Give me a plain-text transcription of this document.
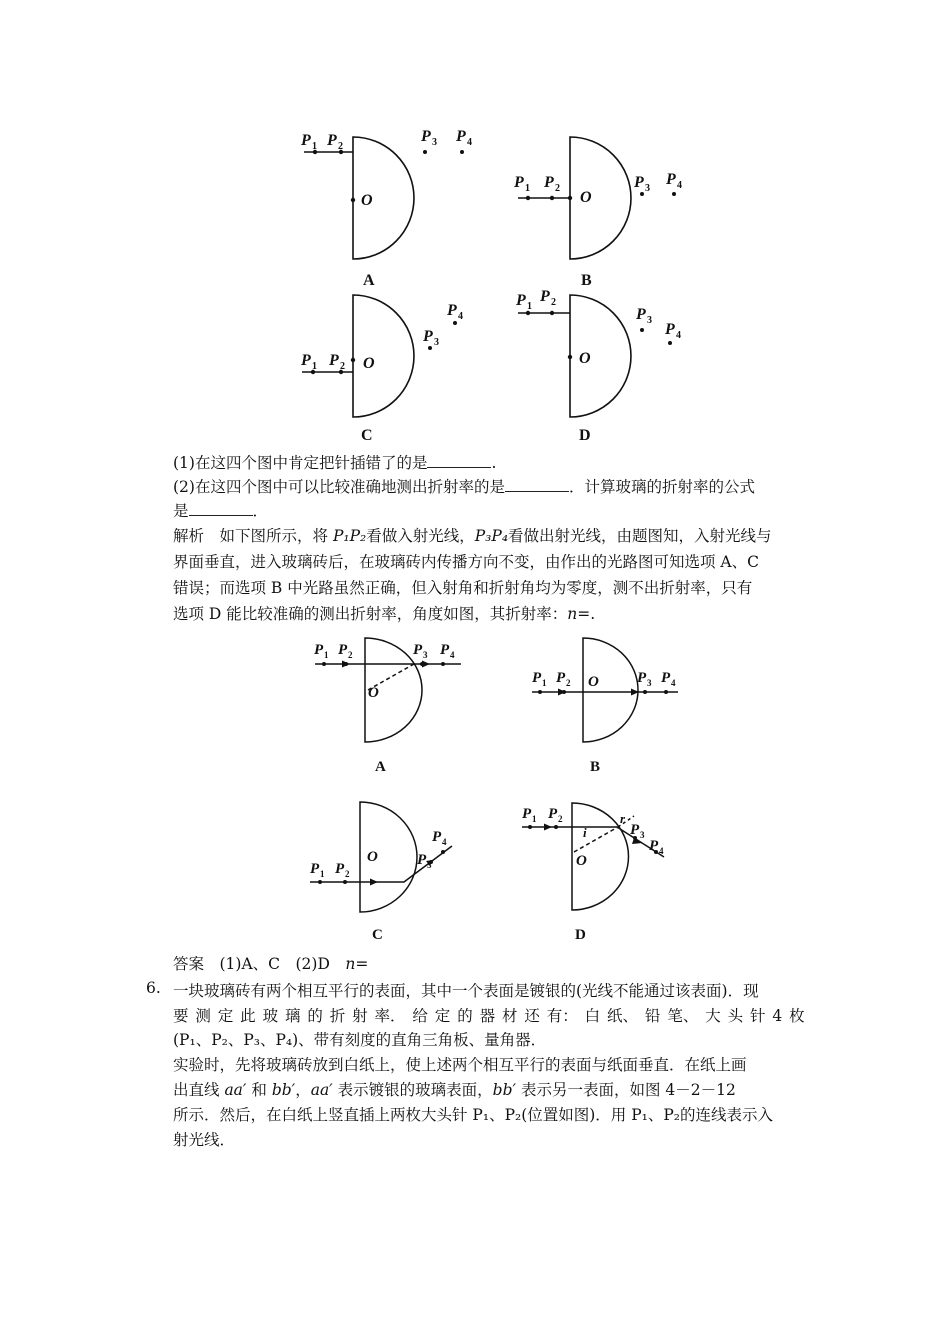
P 1 P 2
P 3 P 4
O
A
P 1 P 2	P 3
P 4
O
B
P 1 P 2
P 3
P 4
O
C
P 1
P 2
P 3
P 4
O
D
(1)在这四个图中肯定把针插错了的是	.
(2)在这四个图中可以比较准确地测出折射率的是	．计算玻璃的折射率的公式
是	．
解析　如下图所示，将 P₁P₂看做入射光线，P₃P₄看做出射光线，由题图知，入射光线与
界面垂直，进入玻璃砖后，在玻璃砖内传播方向不变，由作出的光路图可知选项 A、C
错误；而选项 B 中光路虽然正确，但入射角和折射角均为零度，测不出折射率，只有
选项 D 能比较准确的测出折射率，角度如图，其折射率：n=.
P 1 P 2	P 3 P 4
O
A
P 1 P 2 O	P 3 P 4
B
P 1 P 2
O	P 3
P 4
C
P 1 P 2
i
r
O
P 3
P 4
D
答案　(1)A、C　(2)D　n=
6. 一块玻璃砖有两个相互平行的表面，其中一个表面是镀银的(光线不能通过该表面)．现
要 测 定 此 玻 璃 的 折 射 率． 给 定 的 器 材 还 有： 白 纸、 铅 笔、 大 头 针 4 枚
(P₁、P₂、P₃、P₄)、带有刻度的直角三角板、量角器．
实验时，先将玻璃砖放到白纸上，使上述两个相互平行的表面与纸面垂直．在纸上画
出直线 aa′ 和 bb′，aa′ 表示镀银的玻璃表面，bb′ 表示另一表面，如图 4－2－12
所示．然后，在白纸上竖直插上两枚大头针 P₁、P₂(位置如图)．用 P₁、P₂的连线表示入
射光线．
